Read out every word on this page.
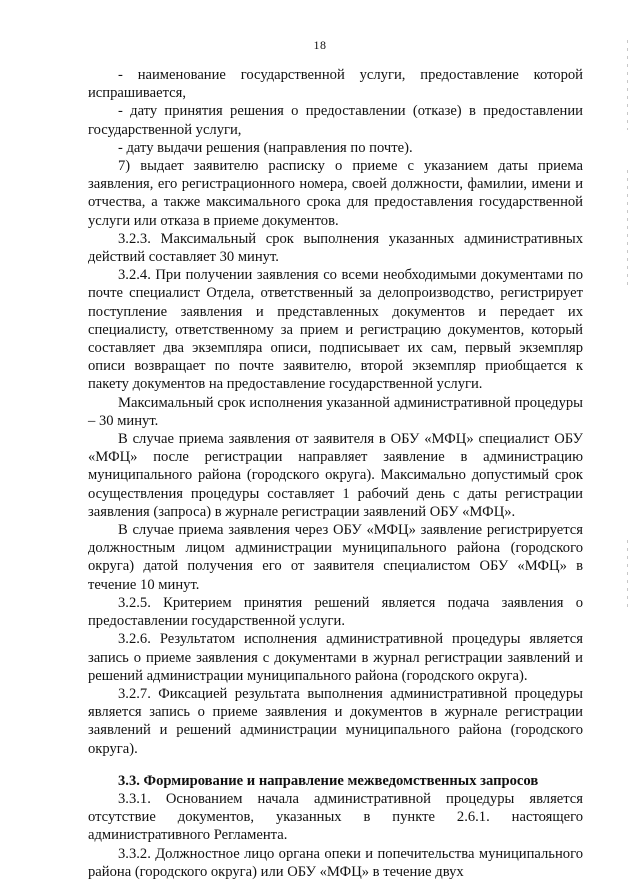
18

- наименование государственной услуги, предоставление которой испрашивается,

- дату принятия решения о предоставлении (отказе) в предоставлении государственной услуги,

- дату выдачи решения (направления по почте).

7) выдает заявителю расписку о приеме с указанием даты приема заявления, его регистрационного номера, своей должности, фамилии, имени и отчества, а также максимального срока для предоставления государственной услуги или отказа в приеме документов.

3.2.3. Максимальный срок выполнения указанных административных действий составляет 30 минут.

3.2.4. При получении заявления со всеми необходимыми документами по почте специалист Отдела, ответственный за делопроизводство, регистрирует поступление заявления и представленных документов и передает их специалисту, ответственному за прием и регистрацию документов, который составляет два экземпляра описи, подписывает их сам, первый экземпляр описи возвращает по почте заявителю, второй экземпляр приобщается к пакету документов на предоставление государственной услуги.

Максимальный срок исполнения указанной административной процедуры – 30 минут.

В случае приема заявления от заявителя в ОБУ «МФЦ» специалист ОБУ «МФЦ» после регистрации направляет заявление в администрацию муниципального района (городского округа). Максимально допустимый срок осуществления процедуры составляет 1 рабочий день с даты регистрации заявления (запроса) в журнале регистрации заявлений ОБУ «МФЦ».

В случае приема заявления через ОБУ «МФЦ» заявление регистрируется должностным лицом администрации муниципального района (городского округа) датой получения его от заявителя специалистом ОБУ «МФЦ» в течение 10 минут.

3.2.5. Критерием принятия решений является подача заявления о предоставлении государственной услуги.

3.2.6. Результатом исполнения административной процедуры является запись о приеме заявления с документами в журнал регистрации заявлений и решений администрации муниципального района (городского округа).

3.2.7. Фиксацией результата выполнения административной процедуры является запись о приеме заявления и документов в журнале регистрации заявлений и решений администрации муниципального района (городского округа).

3.3. Формирование и направление межведомственных запросов

3.3.1. Основанием начала административной процедуры является отсутствие документов, указанных в пункте 2.6.1. настоящего административного Регламента.

3.3.2. Должностное лицо органа опеки и попечительства муниципального района (городского округа) или ОБУ «МФЦ» в течение двух
